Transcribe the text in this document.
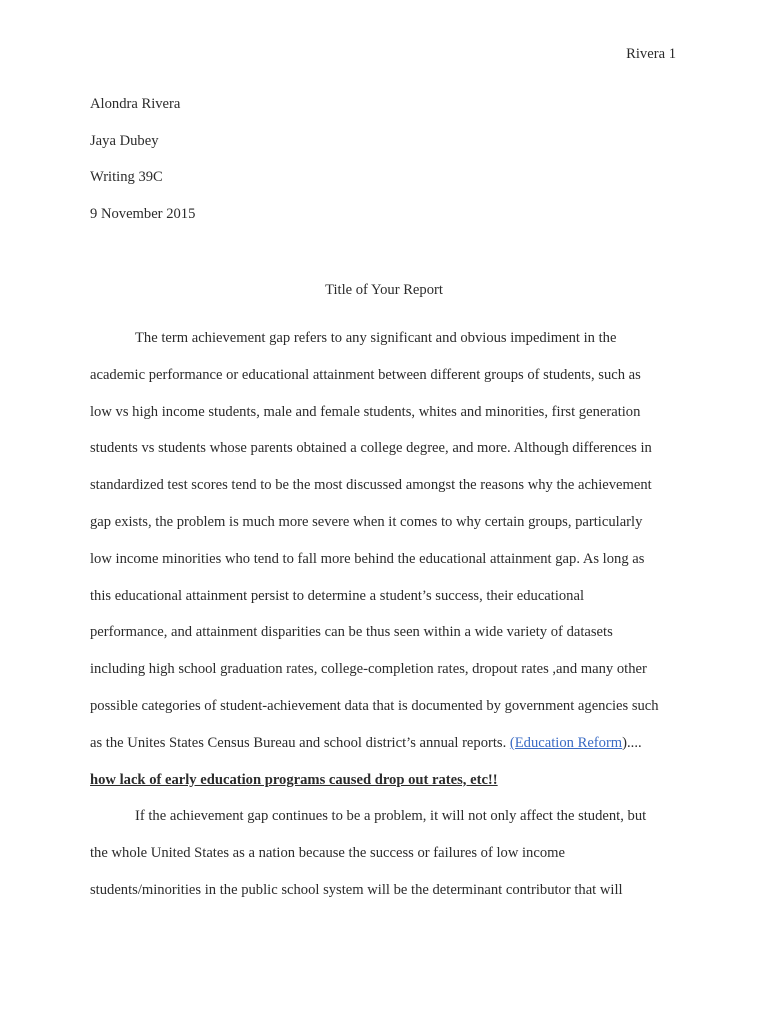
Rivera 1
Alondra Rivera
Jaya Dubey
Writing 39C
9 November 2015
Title of Your Report
The term achievement gap refers to any significant and obvious impediment in the
academic performance or educational attainment between different groups of students, such as
low vs high income students, male and female students, whites and minorities, first generation
students vs students whose parents obtained a college degree, and more. Although differences in
standardized test scores tend to be the most discussed amongst the reasons why the achievement
gap exists, the problem is much more severe when it comes to why certain groups, particularly
low income minorities who tend to fall more behind the educational attainment gap. As long as
this educational attainment persist to determine a student’s success, their educational
performance, and attainment disparities can be thus seen within a wide variety of datasets
including high school graduation rates, college-completion rates, dropout rates ,and many other
possible categories of student-achievement data that is documented by government agencies such
as the Unites States Census Bureau and school district’s annual reports. (Education Reform)....
how lack of early education programs caused drop out rates, etc!!
If the achievement gap continues to be a problem, it will not only affect the student, but
the whole United States as a nation because the success or failures of low income
students/minorities in the public school system will be the determinant contributor that will
